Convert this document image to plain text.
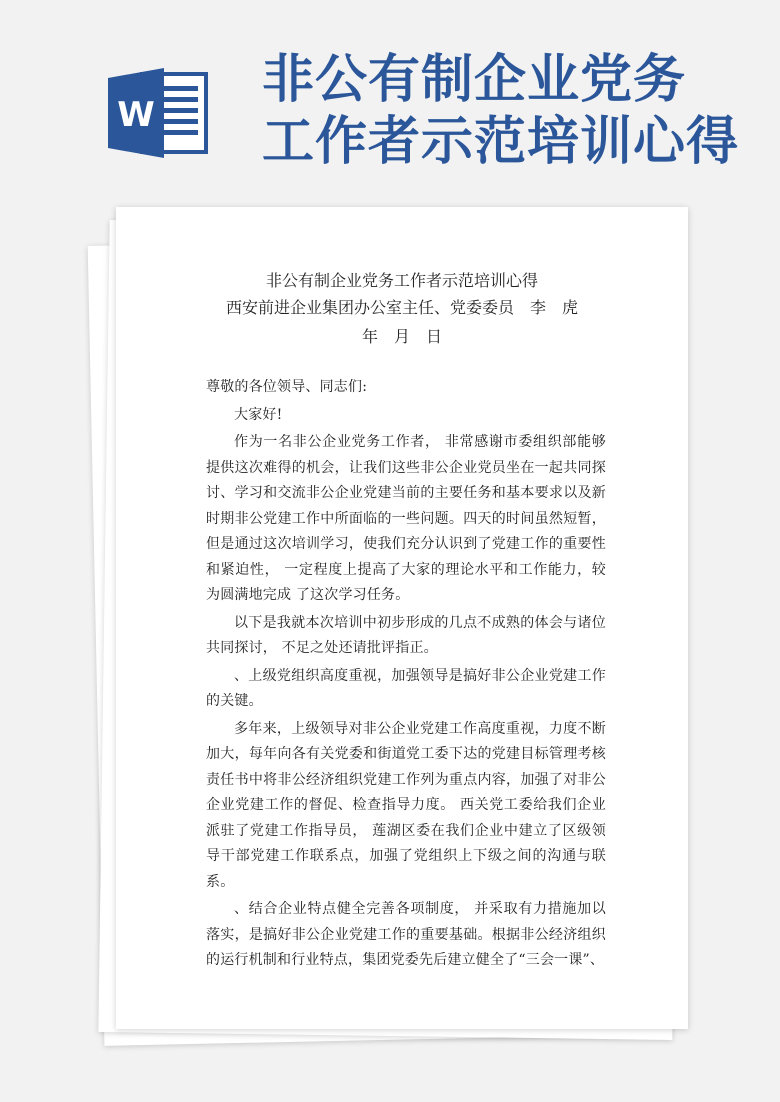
W
非公有制企业党务
工作者示范培训心得

非公有制企业党务工作者示范培训心得

西安前进企业集团办公室主任、党委委员　李　虎

年　月　日

尊敬的各位领导、同志们:

大家好!

作为一名非公企业党务工作者， 非常感谢市委组织部能够提供这次难得的机会，让我们这些非公企业党员坐在一起共同探讨、学习和交流非公企业党建当前的主要任务和基本要求以及新时期非公党建工作中所面临的一些问题。四天的时间虽然短暂，但是通过这次培训学习，使我们充分认识到了党建工作的重要性和紧迫性， 一定程度上提高了大家的理论水平和工作能力，较为圆满地完成 了这次学习任务。

以下是我就本次培训中初步形成的几点不成熟的体会与诸位共同探讨， 不足之处还请批评指正。

、上级党组织高度重视，加强领导是搞好非公企业党建工作的关键。

多年来，上级领导对非公企业党建工作高度重视，力度不断加大，每年向各有关党委和街道党工委下达的党建目标管理考核责任书中将非公经济组织党建工作列为重点内容，加强了对非公企业党建工作的督促、检查指导力度。 西关党工委给我们企业派驻了党建工作指导员， 莲湖区委在我们企业中建立了区级领导干部党建工作联系点，加强了党组织上下级之间的沟通与联系。

、结合企业特点健全完善各项制度， 并采取有力措施加以落实，是搞好非公企业党建工作的重要基础。根据非公经济组织的运行机制和行业特点，集团党委先后建立健全了“三会一课”、
